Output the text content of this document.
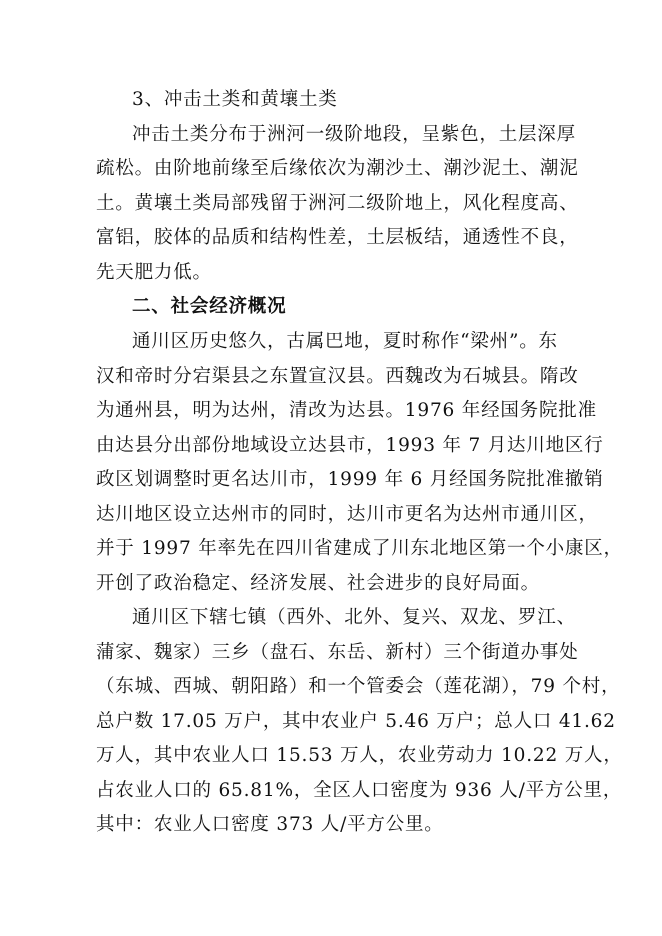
3、冲击土类和黄壤土类

冲击土类分布于洲河一级阶地段，呈紫色，土层深厚

疏松。由阶地前缘至后缘依次为潮沙土、潮沙泥土、潮泥

土。黄壤土类局部残留于洲河二级阶地上，风化程度高、

富铝，胶体的品质和结构性差，土层板结，通透性不良，

先天肥力低。

二、社会经济概况

通川区历史悠久，古属巴地，夏时称作“梁州”。东

汉和帝时分宕渠县之东置宣汉县。西魏改为石城县。隋改

为通州县，明为达州，清改为达县。1976 年经国务院批准

由达县分出部份地域设立达县市，1993 年 7 月达川地区行

政区划调整时更名达川市，1999 年 6 月经国务院批准撤销

达川地区设立达州市的同时，达川市更名为达州市通川区，

并于 1997 年率先在四川省建成了川东北地区第一个小康区，

开创了政治稳定、经济发展、社会进步的良好局面。

通川区下辖七镇（西外、北外、复兴、双龙、罗江、

蒲家、魏家）三乡（盘石、东岳、新村）三个街道办事处

（东城、西城、朝阳路）和一个管委会（莲花湖），79 个村，

总户数 17.05 万户，其中农业户 5.46 万户；总人口 41.62

万人，其中农业人口 15.53 万人，农业劳动力 10.22 万人，

占农业人口的 65.81%，全区人口密度为 936 人/平方公里，

其中：农业人口密度 373 人/平方公里。
